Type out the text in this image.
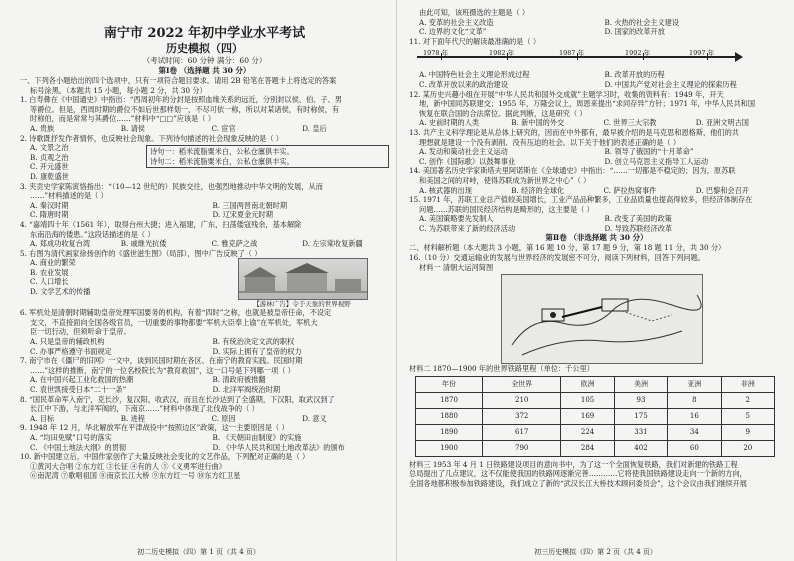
南宁市 2022 年初中学业水平考试
历史模拟（四）
（考试时间：60 分钟 满分：60 分）
第Ⅰ卷 （选择题 共 30 分）

一、下列各小题给出的四个选项中，只有一项符合题目要求。请用 2B 铅笔在答题卡上将选定的答案

标号涂黑。（本题共 15 小题，每小题 2 分，共 30 分）

1. 白寿彝在《中国通史》中指出：“西周初年的分封是按照血缘关系的远近，分别封以侯、伯、子、男

等爵位。但是，西周时期的爵位不如后世那样划一，不尽可依一称，所以对某诸侯，有时称侯，有

时称伯，而是常常与其爵位……”材料中“□□”应该是（ ）

A. 贵族	B. 请侯	C. 宦官	D. 皇后

2. 诗歌既抒发作者情怀，也反映社会现象。下列诗句描述的社会现象反映的是（ ）

A. 文景之治

B. 贞观之治

C. 开元盛世

D. 康乾盛世

诗句一：稻米流脂粟米白，公私仓廪俱丰实。

诗句二：稻米流脂粟米白，公私仓廪俱丰实。

3. 夹贡史学家陈寅恪指出：“（10—12 世纪的）民族交往，也强烈地推动中华文明的发展，从而

……”材料描述的是（ ）

A. 秦汉时期	B. 三国两晋南北朝时期

C. 隋唐时期	D. 辽宋夏金元时期

4. “嘉靖四十年（1561 年），取得台州大捷；进入福建，广东，扫荡倭寇残余，基本解除

东南沿海的倭患。”这段话描述的是（ ）

A. 郑成功收复台湾	B. 戚继光抗倭	C. 雅克萨之战	D. 左宗棠收复新疆

5. 右图为清代画家徐扬创作的《盛世滋生图》（局部），图中广告反映了（ ）

A. 商业的繁荣

B. 农业发展

C. 人口增长

D. 文学艺术的传播

【游林广告】令于天象的世界视野

6. 军机处是清朝时期辅助皇帝处理军国要务的机构，有着“四时”之称，也就是被皇帝任命，不设定

支文，不直接面向全国各级官员，一切重要的事物都要“军机大臣奉上谕”在军机处，军机大

臣一切行动，但须听命于皇帝。

A. 只是皇帝的辅政机构	B. 有统治决定文武的职权

C. 办事严格遵守书面规定	D. 实际上拥有了皇帝的权力

7. 南宁市在《僵尸的旧网》一文中，谈到民国时期在各区、在南宁的教育实践。民国时期

……”这样的推断，南宁的一位名校院长为“教育救国”，这一口号是下列哪一项（ ）

A. 在中国兴起工业化救国的热潮	B. 清政府被推翻

C. 袁世凯接受日本“二十一条”	D. 北洋军阀统治时期

8. “国民革命军入南宁，克长沙，复汉阳，收武汉，而且在长沙达到了全盛期，下汉阳，取武汉到了

长江中下游，与北洋军阀的，下南京……”材料中体现了北伐战争的（ ）

A. 目标	B. 进程	C. 原因	D. 意义

9. 1948 年 12 月，华北解放军在平津战役中“按照边区”政策，这一主要原因是（ ）

A. “均田免赋”口号的落实	B. 《天朝田亩制度》的实施

C. 《中国土地法大纲》的贯彻	D. 《中华人民共和国土地改革法》的颁布

10. 新中国建立后，中国作家创作了大量反映社会变化的文艺作品，下列配对正确的是（ ）

①黄河大合唱 ②东方红 ③长征 ④有的人 ⑤《义勇军进行曲》

⑥南泥湾 ⑦歌唱祖国 ⑧南京长江大桥 ⑨东方红一号 ⑩东方红卫星

初二历史模拟（四）第 1 页（共 4 页）

由此可知，该班摄选的主题是（ ）

A. 变革的社会主义改造	B. 火热的社会主义建设

C. 边界的文化“文革”	D. 国家的改革开放

11. 对下面年代尺的解读最准确的是（ ）

1978 年	1982 年	1987 年	1992 年	1997 年

A. 中国特色社会主义理论形成过程	B. 改革开放的历程

C. 改革开放以来的政治建设	D. 中国共产党对社会主义理论的探索历程

12. 某历史兴趣小组在开展“中华人民共和国外交成就”主题学习时，收集的资料有：1949 年，开天

地，新中国同苏联建交；1955 年，万隆会议上，周恩来提出“求同存异”方针；1971 年，中华人民共和国

恢复在联合国的合法席位。据此判断，这是研究（ ）

A. 史前时期的人类	B. 新中国的外交	C. 世界三大宗教	D. 亚洲文明古国

13. 共产主义科学理论是从总体上研究的，因而在中外都有，最早被介绍的是马克思和恩格斯，他们的共

理想就是建设一个没有剥削、没有压迫的社会。以下关于他们的表述正确的是（ ）

A. 发动和策动社会主义运动	B. 领导了俄国的“十月革命”

C. 创作《国际歌》以鼓舞事业	D. 创立马克思主义指导工人运动

14. 美国著名历史学家斯塔夫里阿诺斯在《全球通史》中指出：“……一切都是不稳定的；因为，原苏联

和美国之间的对峙，使得苏联成为新世界之中心”（ ）

A. 核武器的出现	B. 经济的全球化	C. 萨拉热窝事件	D. 巴黎和会召开

15. 1971 年，苏联工业总产值较美国增长，工业产品品种繁多，工业品质量也提高得较多，但经济体制存在

问题……苏联的国民经济结构是畸形的，这主要是（ ）

A. 美国策略要先发制人	B. 改变了美国的政策

C. 为苏联带来了新的经济活动	D. 导致苏联经济改革

第Ⅱ卷 （非选择题 共 30 分）

二、材料解析题（本大题共 3 小题，第 16 题 10 分，第 17 题 9 分，第 18 题 11 分，共 30 分）

16.（10 分）交通运输业的发展与世界经济的发展密不可分，阅读下列材料，回答下列问题。

材料一 清朝大运河简图

材料二 1870—1900 年的世界铁路里程（单位：千公里）

年份	全世界	欧洲	美洲	亚洲	非洲
1870	210	105	93	8	2
1880	372	169	175	16	5
1890	617	224	331	34	9
1900	790	284	402	60	20

材料三 1953 年 4 月 1 日铁路建设项目的意向书中，为了这一个全面恢复铁路，我们对新建的铁路工程

总局提出了几点建议，这不仅能使我国的铁路网逐渐完善…………它将使我国铁路建设走向一个新的方向，

全国各地都积极参加铁路建设，我们成立了新的“武汉长江大桥技术顾问委员会”，这个会议由我们继续开展

初三历史模拟（四）第 2 页（共 4 页）
